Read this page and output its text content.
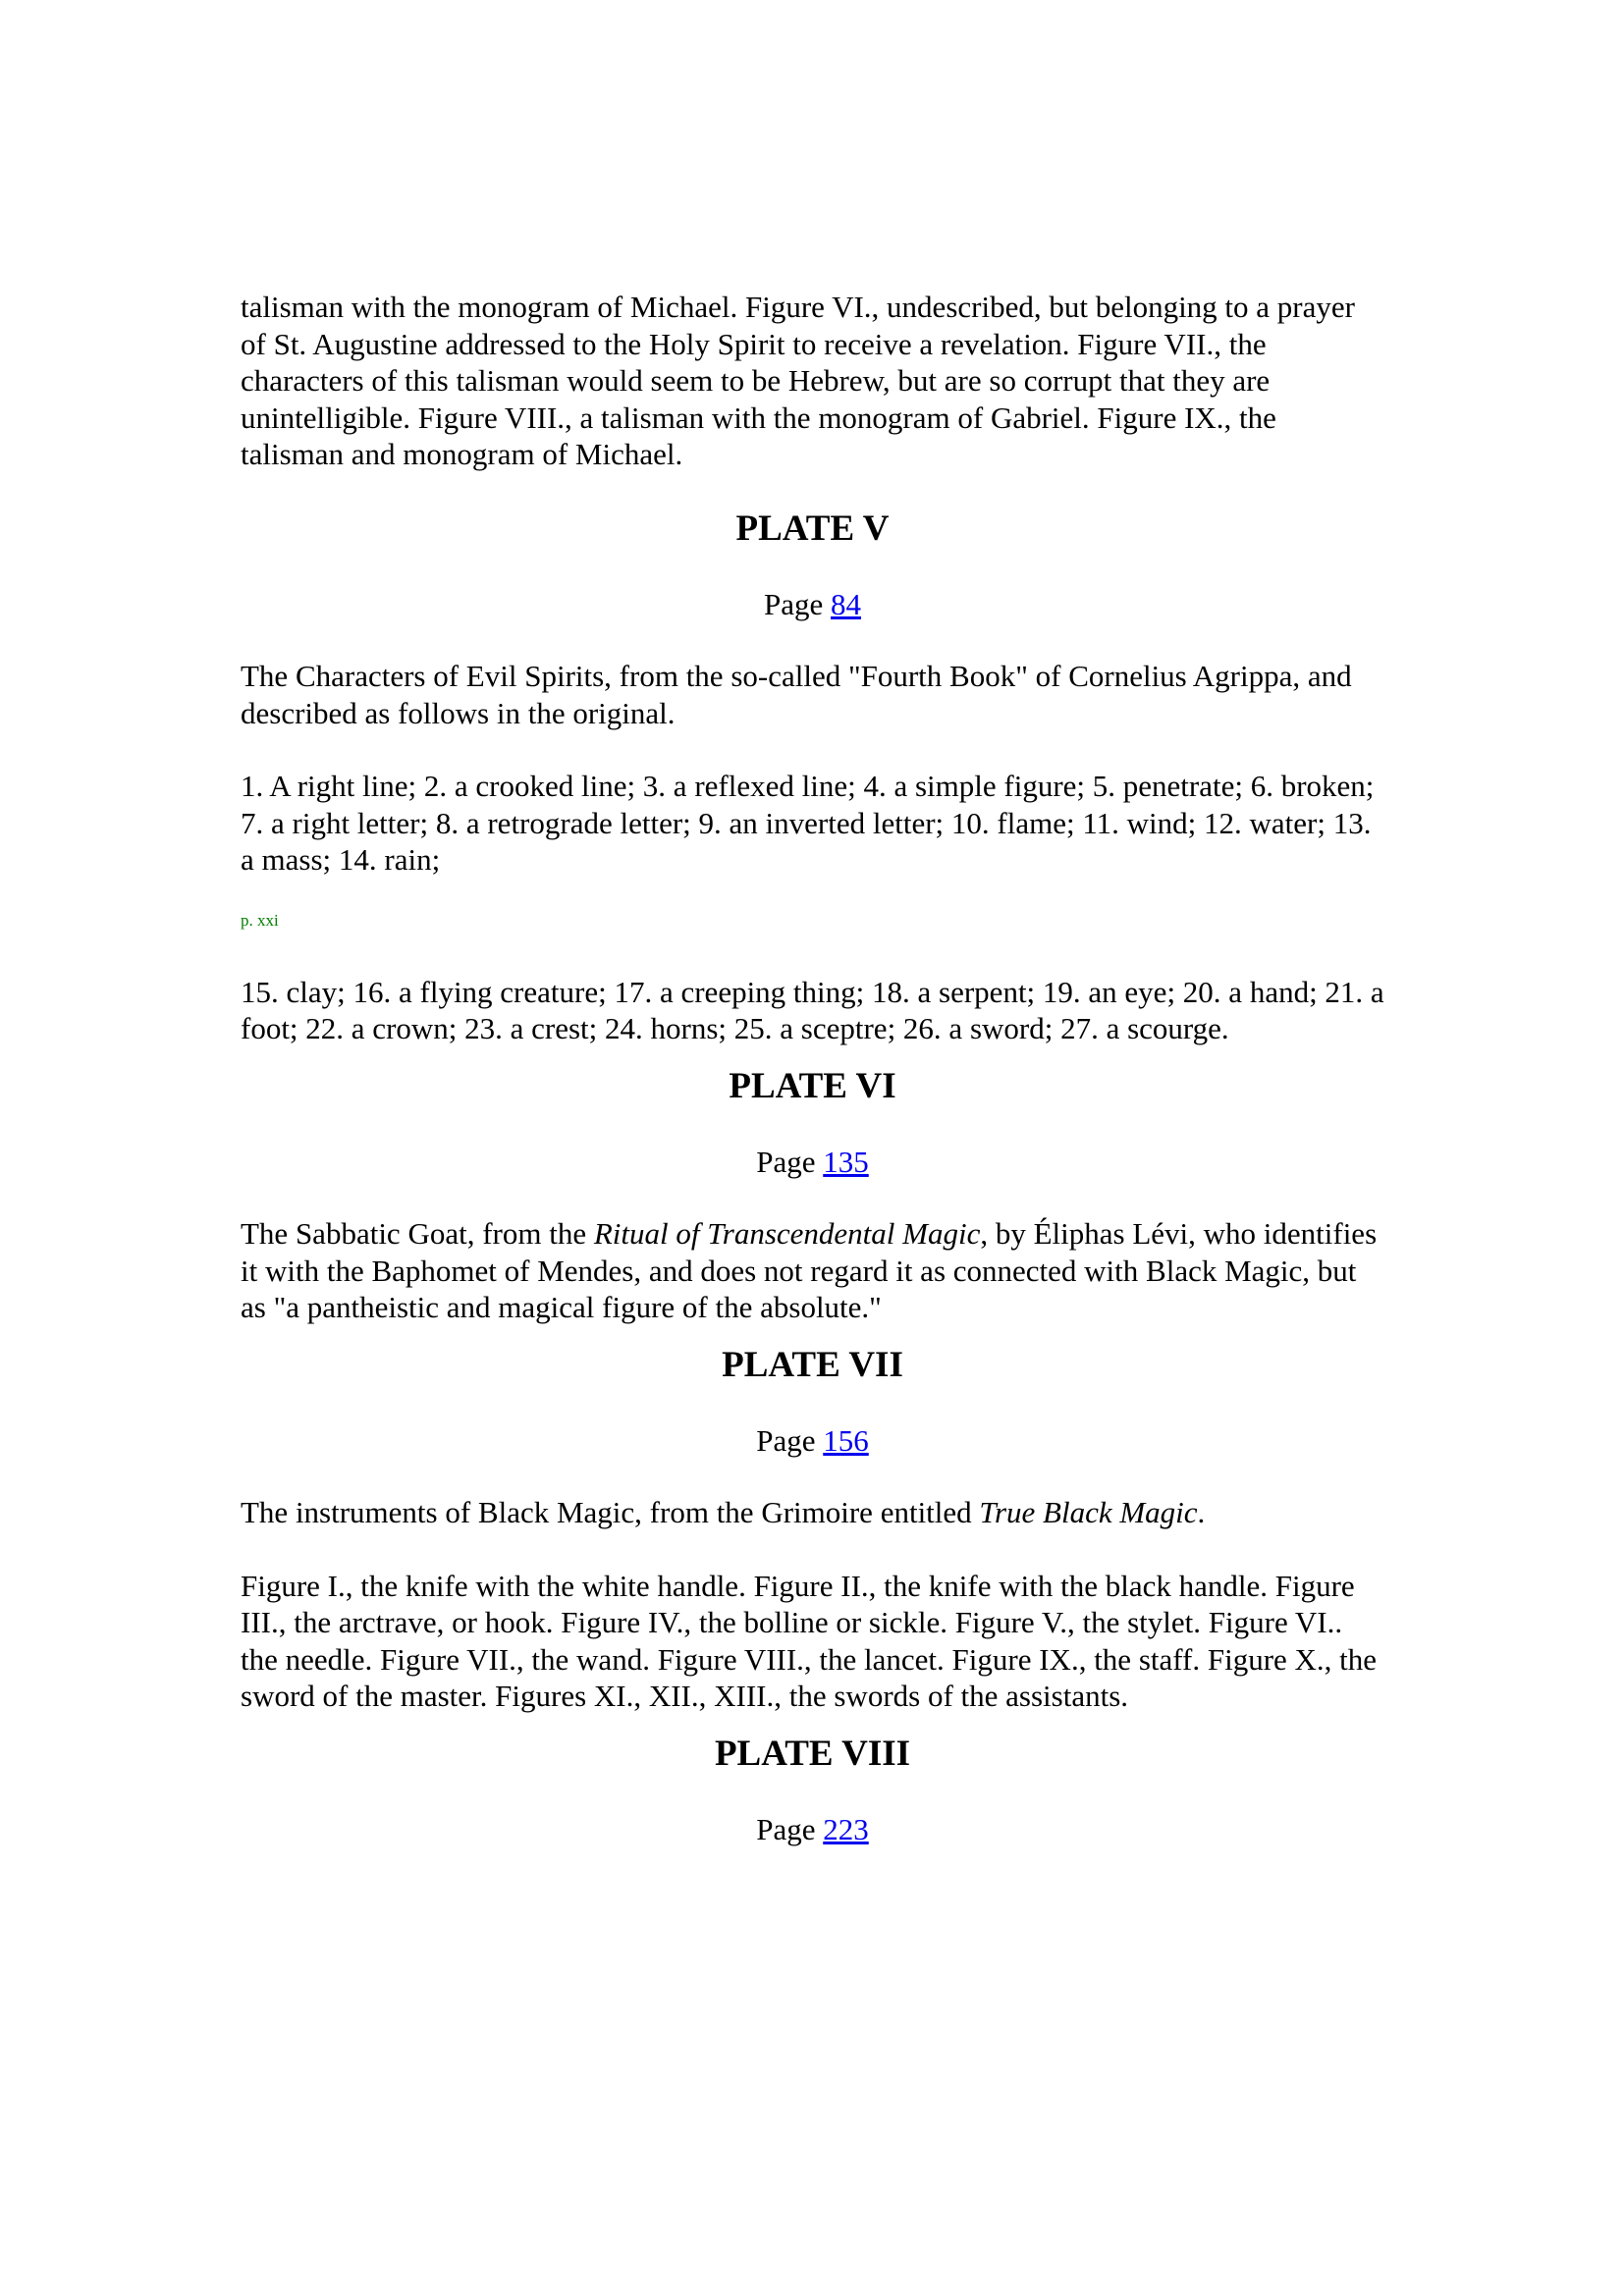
talisman with the monogram of Michael. Figure VI., undescribed, but belonging to a prayer of St. Augustine addressed to the Holy Spirit to receive a revelation. Figure VII., the characters of this talisman would seem to be Hebrew, but are so corrupt that they are unintelligible. Figure VIII., a talisman with the monogram of Gabriel. Figure IX., the talisman and monogram of Michael.

PLATE V

Page 84

The Characters of Evil Spirits, from the so-called "Fourth Book" of Cornelius Agrippa, and described as follows in the original.

1. A right line; 2. a crooked line; 3. a reflexed line; 4. a simple figure; 5. penetrate; 6. broken; 7. a right letter; 8. a retrograde letter; 9. an inverted letter; 10. flame; 11. wind; 12. water; 13. a mass; 14. rain;

p. xxi

15. clay; 16. a flying creature; 17. a creeping thing; 18. a serpent; 19. an eye; 20. a hand; 21. a foot; 22. a crown; 23. a crest; 24. horns; 25. a sceptre; 26. a sword; 27. a scourge.

PLATE VI

Page 135

The Sabbatic Goat, from the Ritual of Transcendental Magic, by Éliphas Lévi, who identifies it with the Baphomet of Mendes, and does not regard it as connected with Black Magic, but as "a pantheistic and magical figure of the absolute."

PLATE VII

Page 156

The instruments of Black Magic, from the Grimoire entitled True Black Magic.

Figure I., the knife with the white handle. Figure II., the knife with the black handle. Figure III., the arctrave, or hook. Figure IV., the bolline or sickle. Figure V., the stylet. Figure VI.. the needle. Figure VII., the wand. Figure VIII., the lancet. Figure IX., the staff. Figure X., the sword of the master. Figures XI., XII., XIII., the swords of the assistants.

PLATE VIII

Page 223
